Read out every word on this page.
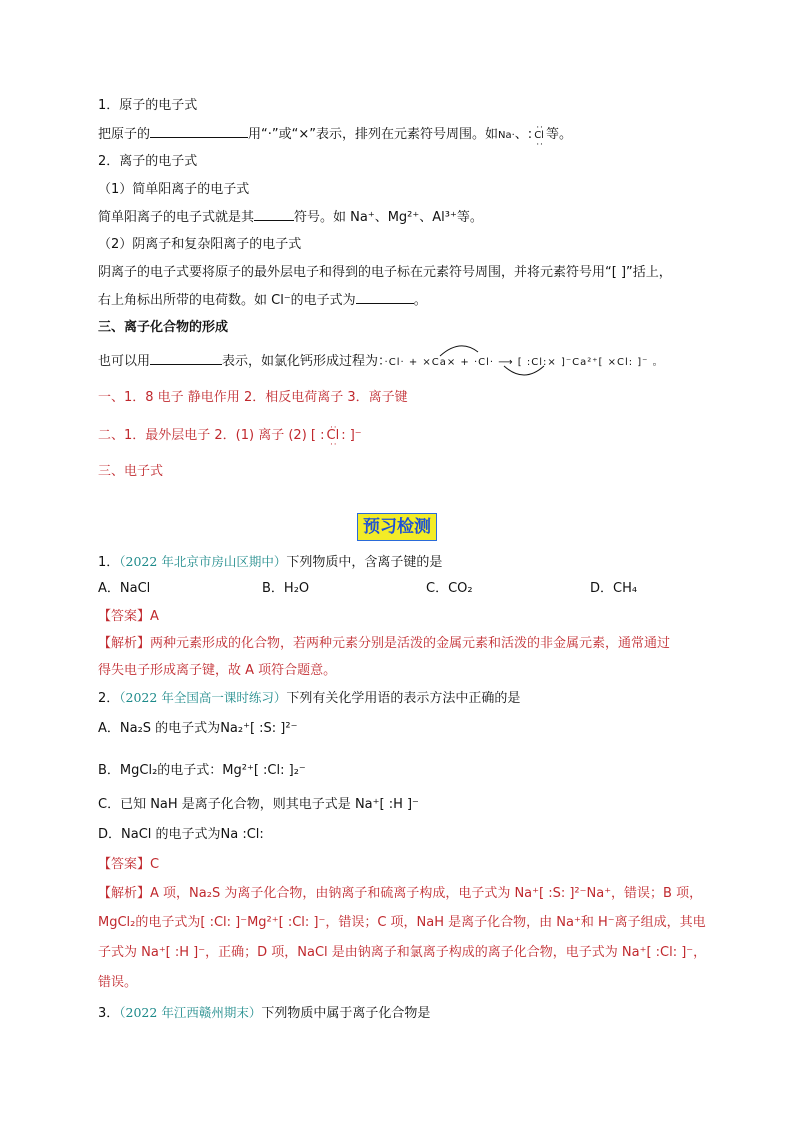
1．原子的电子式
把原子的	用“·”或“×”表示，排列在元素符号周围。如Na·、: · · Cl · · 等。
2．离子的电子式
（1）简单阳离子的电子式
简单阳离子的电子式就是其	符号。如 Na⁺、Mg²⁺、Al³⁺等。
（2）阴离子和复杂阳离子的电子式
阴离子的电子式要将原子的最外层电子和得到的电子标在元素符号周围，并将元素符号用“[ ]”括上，
右上角标出所带的电荷数。如 Cl⁻的电子式为	。
三、离子化合物的形成
也可以用	表示，如氯化钙形成过程为：·Cl· + ×Ca× + ·Cl· ⟶ [ :Cl:× ]⁻Ca²⁺[ ×Cl: ]⁻ 。
一、1．8 电子 静电作用 2．相反电荷离子 3．离子键
二、1．最外层电子 2．(1) 离子 (2) [ : · · Cl · · : ]⁻
三、电子式
预习检测
1．（2022 年北京市房山区期中）下列物质中，含离子键的是
A．NaCl	B．H₂O	C．CO₂	D．CH₄
【答案】A
【解析】两种元素形成的化合物，若两种元素分别是活泼的金属元素和活泼的非金属元素，通常通过
得失电子形成离子键，故 A 项符合题意。
2．（2022 年全国高一课时练习）下列有关化学用语的表示方法中正确的是
A．Na₂S 的电子式为Na₂⁺[ :S: ]²⁻
B．MgCl₂的电子式：Mg²⁺[ :Cl: ]₂⁻
C．已知 NaH 是离子化合物，则其电子式是 Na⁺[ :H ]⁻
D．NaCl 的电子式为Na :Cl:
【答案】C
【解析】A 项，Na₂S 为离子化合物，由钠离子和硫离子构成，电子式为 Na⁺[ :S: ]²⁻Na⁺，错误；B 项，
MgCl₂的电子式为[ :Cl: ]⁻Mg²⁺[ :Cl: ]⁻，错误；C 项，NaH 是离子化合物，由 Na⁺和 H⁻离子组成，其电
子式为 Na⁺[ :H ]⁻，正确；D 项，NaCl 是由钠离子和氯离子构成的离子化合物，电子式为 Na⁺[ :Cl: ]⁻，
错误。
3．（2022 年江西赣州期末）下列物质中属于离子化合物是
